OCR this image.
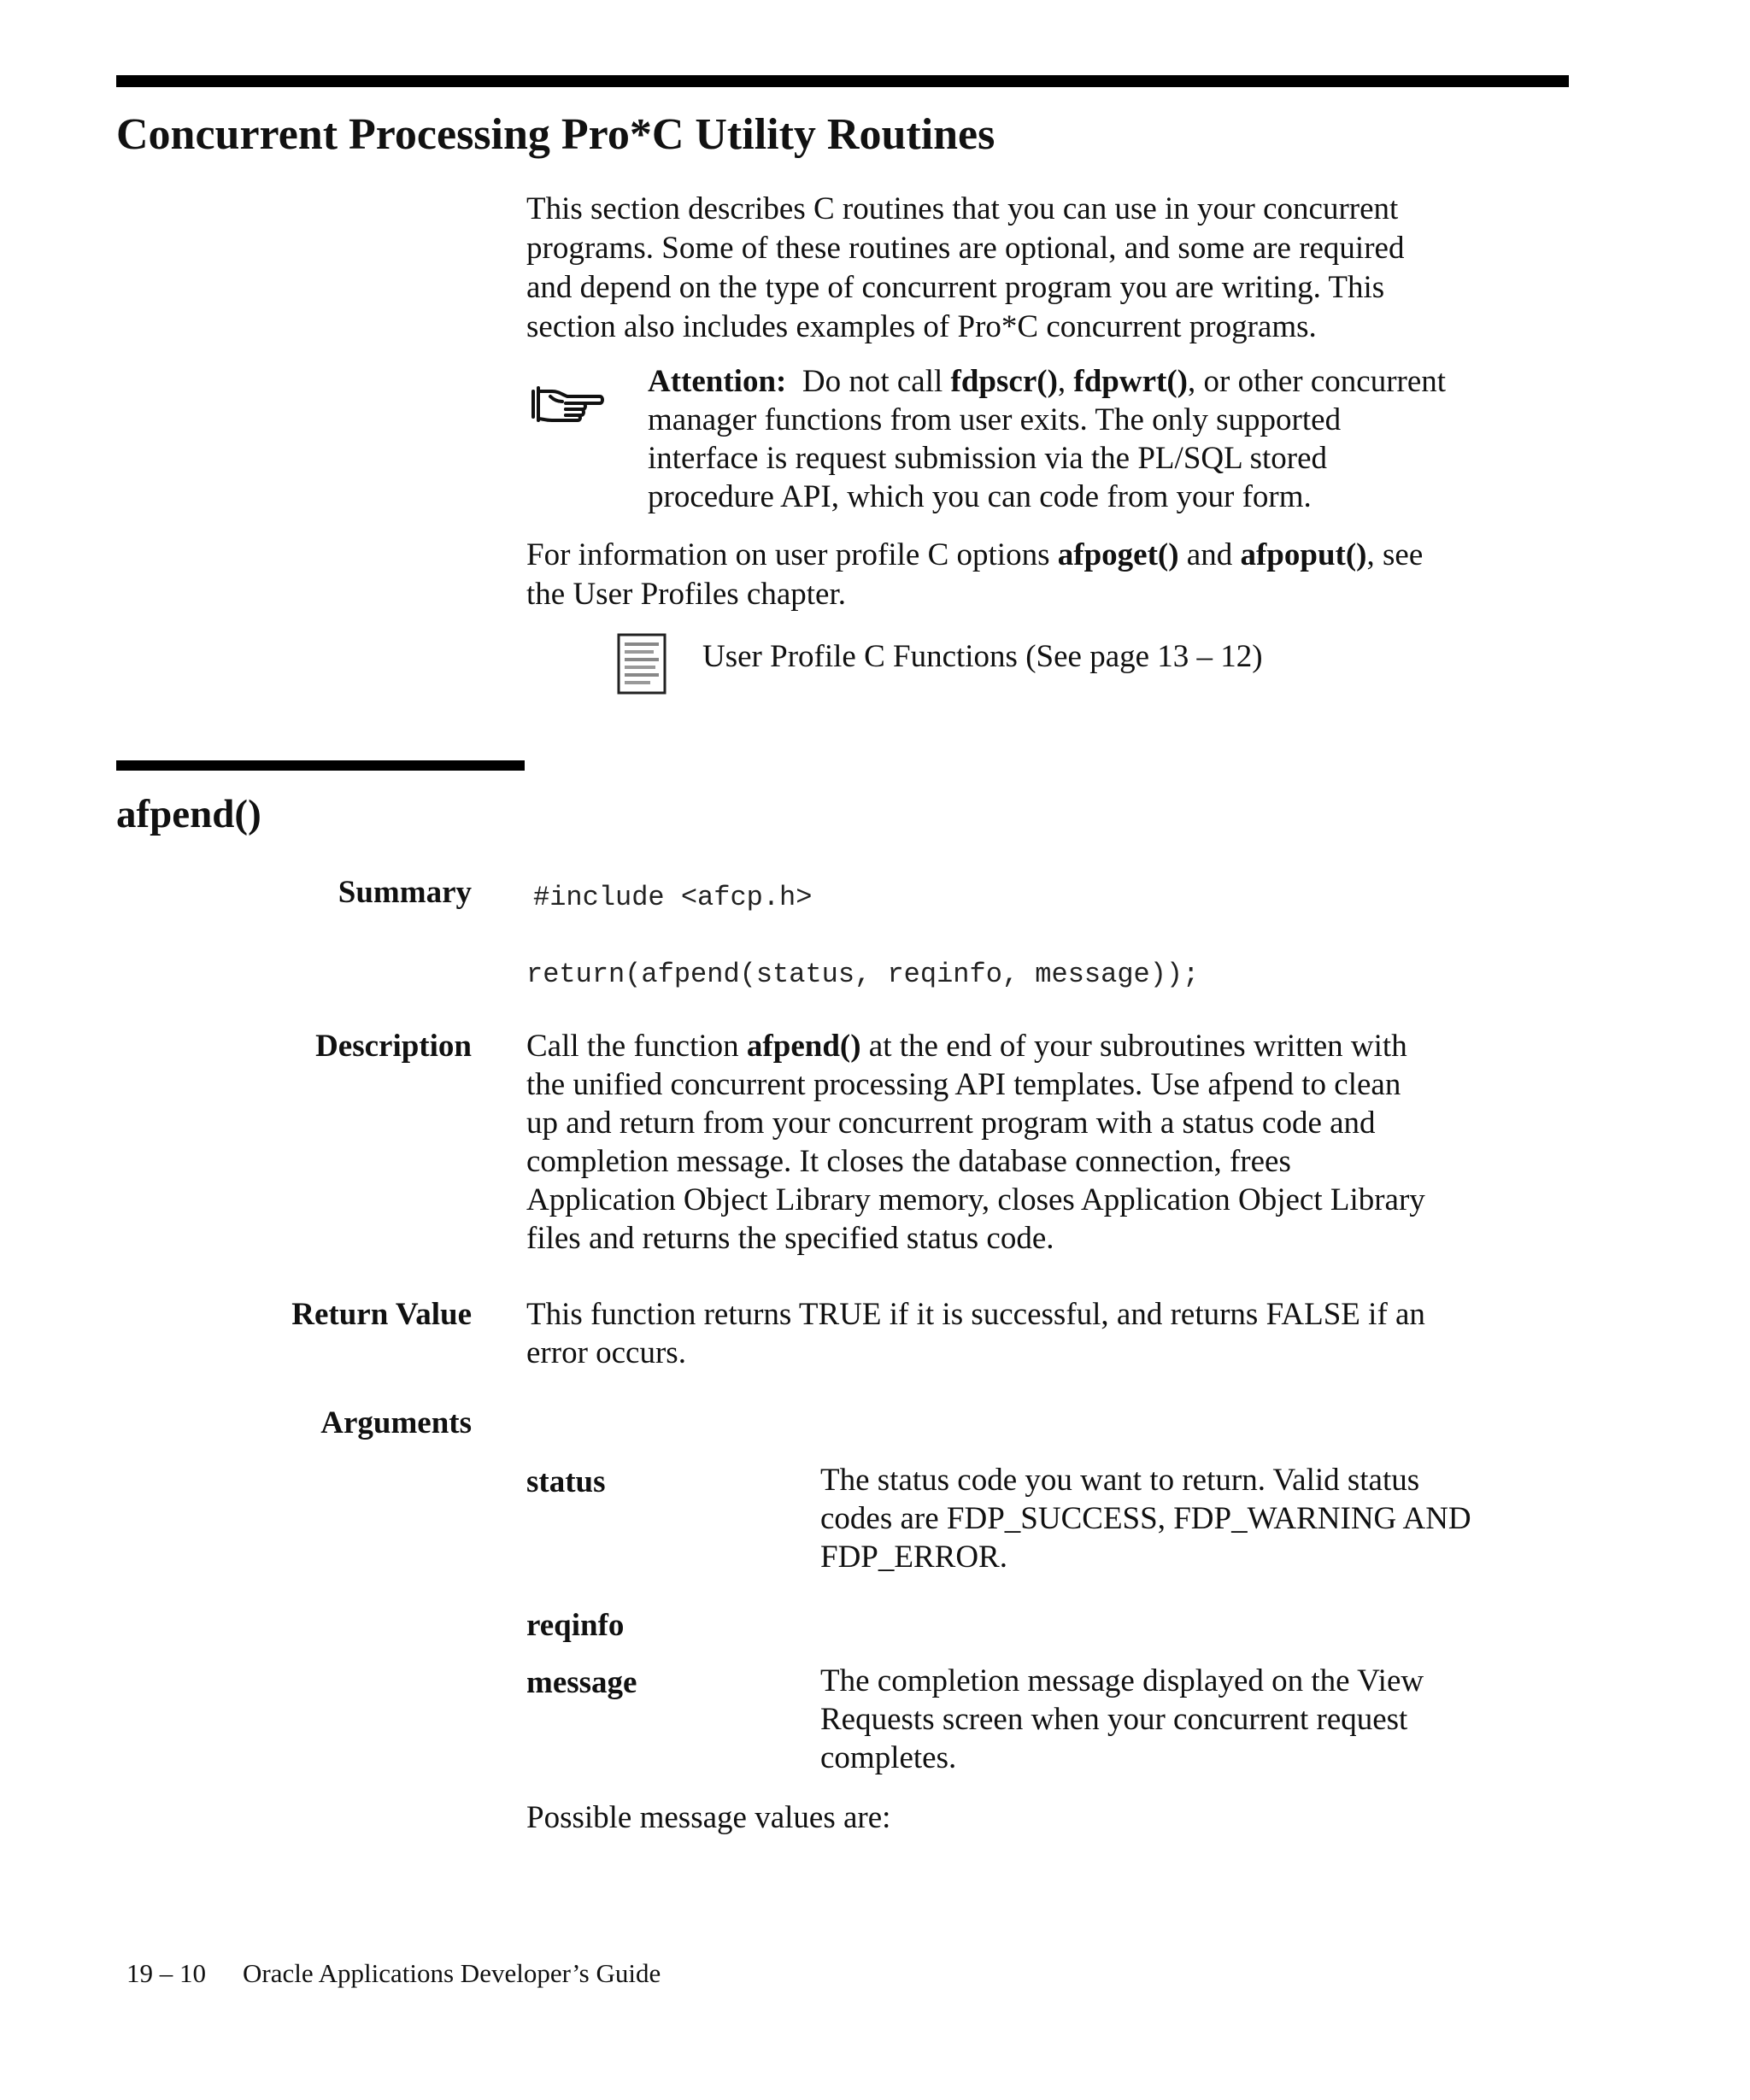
Concurrent Processing Pro*C Utility Routines

This section describes C routines that you can use in your concurrent

programs. Some of these routines are optional, and some are required

and depend on the type of concurrent program you are writing. This

section also includes examples of Pro*C concurrent programs.

Attention: Do not call fdpscr(), fdpwrt(), or other concurrent

manager functions from user exits. The only supported

interface is request submission via the PL/SQL stored

procedure API, which you can code from your form.

For information on user profile C options afpoget() and afpoput(), see

the User Profiles chapter.

User Profile C Functions (See page 13 – 12)

afpend()

Summary #include <afcp.h>

return(afpend(status, reqinfo, message));

Description Call the function afpend() at the end of your subroutines written with

the unified concurrent processing API templates. Use afpend to clean

up and return from your concurrent program with a status code and

completion message. It closes the database connection, frees

Application Object Library memory, closes Application Object Library

files and returns the specified status code.

Return Value This function returns TRUE if it is successful, and returns FALSE if an

error occurs.

Arguments

status	The status code you want to return. Valid status

codes are FDP_SUCCESS, FDP_WARNING AND

FDP_ERROR.

reqinfo

message	The completion message displayed on the View

Requests screen when your concurrent request

completes.

Possible message values are:

19 – 10 Oracle Applications Developer’s Guide
